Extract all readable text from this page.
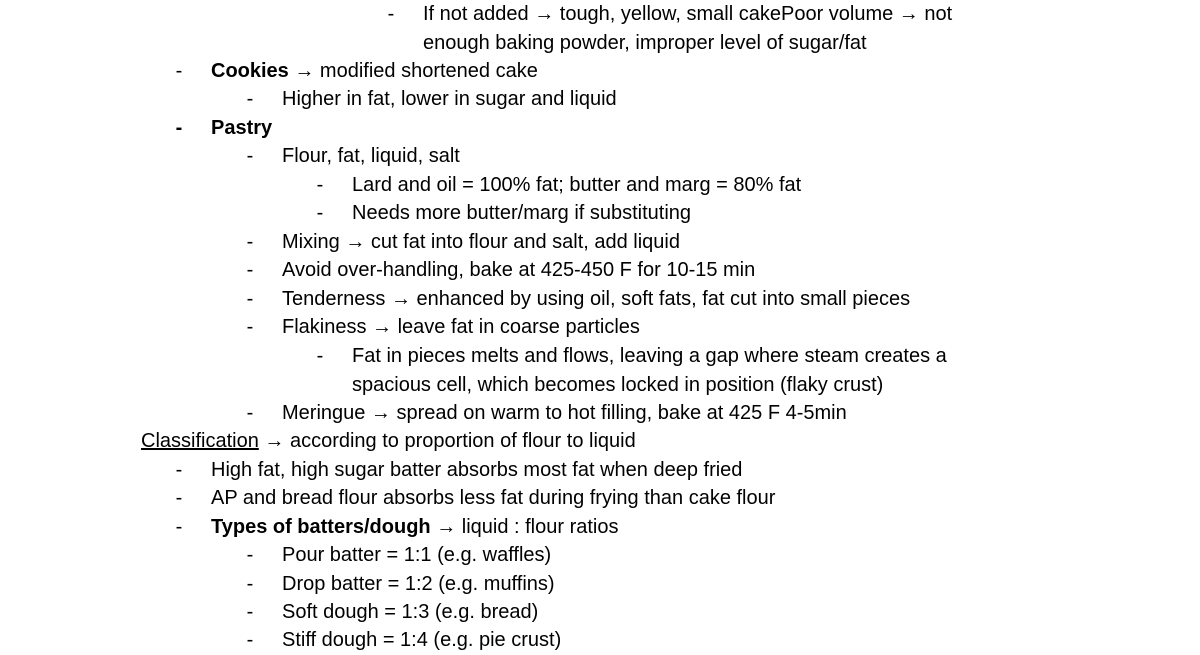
- If not added → tough, yellow, small cakePoor volume → not enough baking powder, improper level of sugar/fat
- Cookies → modified shortened cake
- Higher in fat, lower in sugar and liquid
- Pastry
- Flour, fat, liquid, salt
- Lard and oil = 100% fat; butter and marg = 80% fat
- Needs more butter/marg if substituting
- Mixing → cut fat into flour and salt, add liquid
- Avoid over-handling, bake at 425-450 F for 10-15 min
- Tenderness → enhanced by using oil, soft fats, fat cut into small pieces
- Flakiness → leave fat in coarse particles
- Fat in pieces melts and flows, leaving a gap where steam creates a spacious cell, which becomes locked in position (flaky crust)
- Meringue → spread on warm to hot filling, bake at 425 F 4-5min
Classification → according to proportion of flour to liquid
- High fat, high sugar batter absorbs most fat when deep fried
- AP and bread flour absorbs less fat during frying than cake flour
- Types of batters/dough → liquid : flour ratios
- Pour batter = 1:1 (e.g. waffles)
- Drop batter = 1:2 (e.g. muffins)
- Soft dough = 1:3 (e.g. bread)
- Stiff dough = 1:4 (e.g. pie crust)
